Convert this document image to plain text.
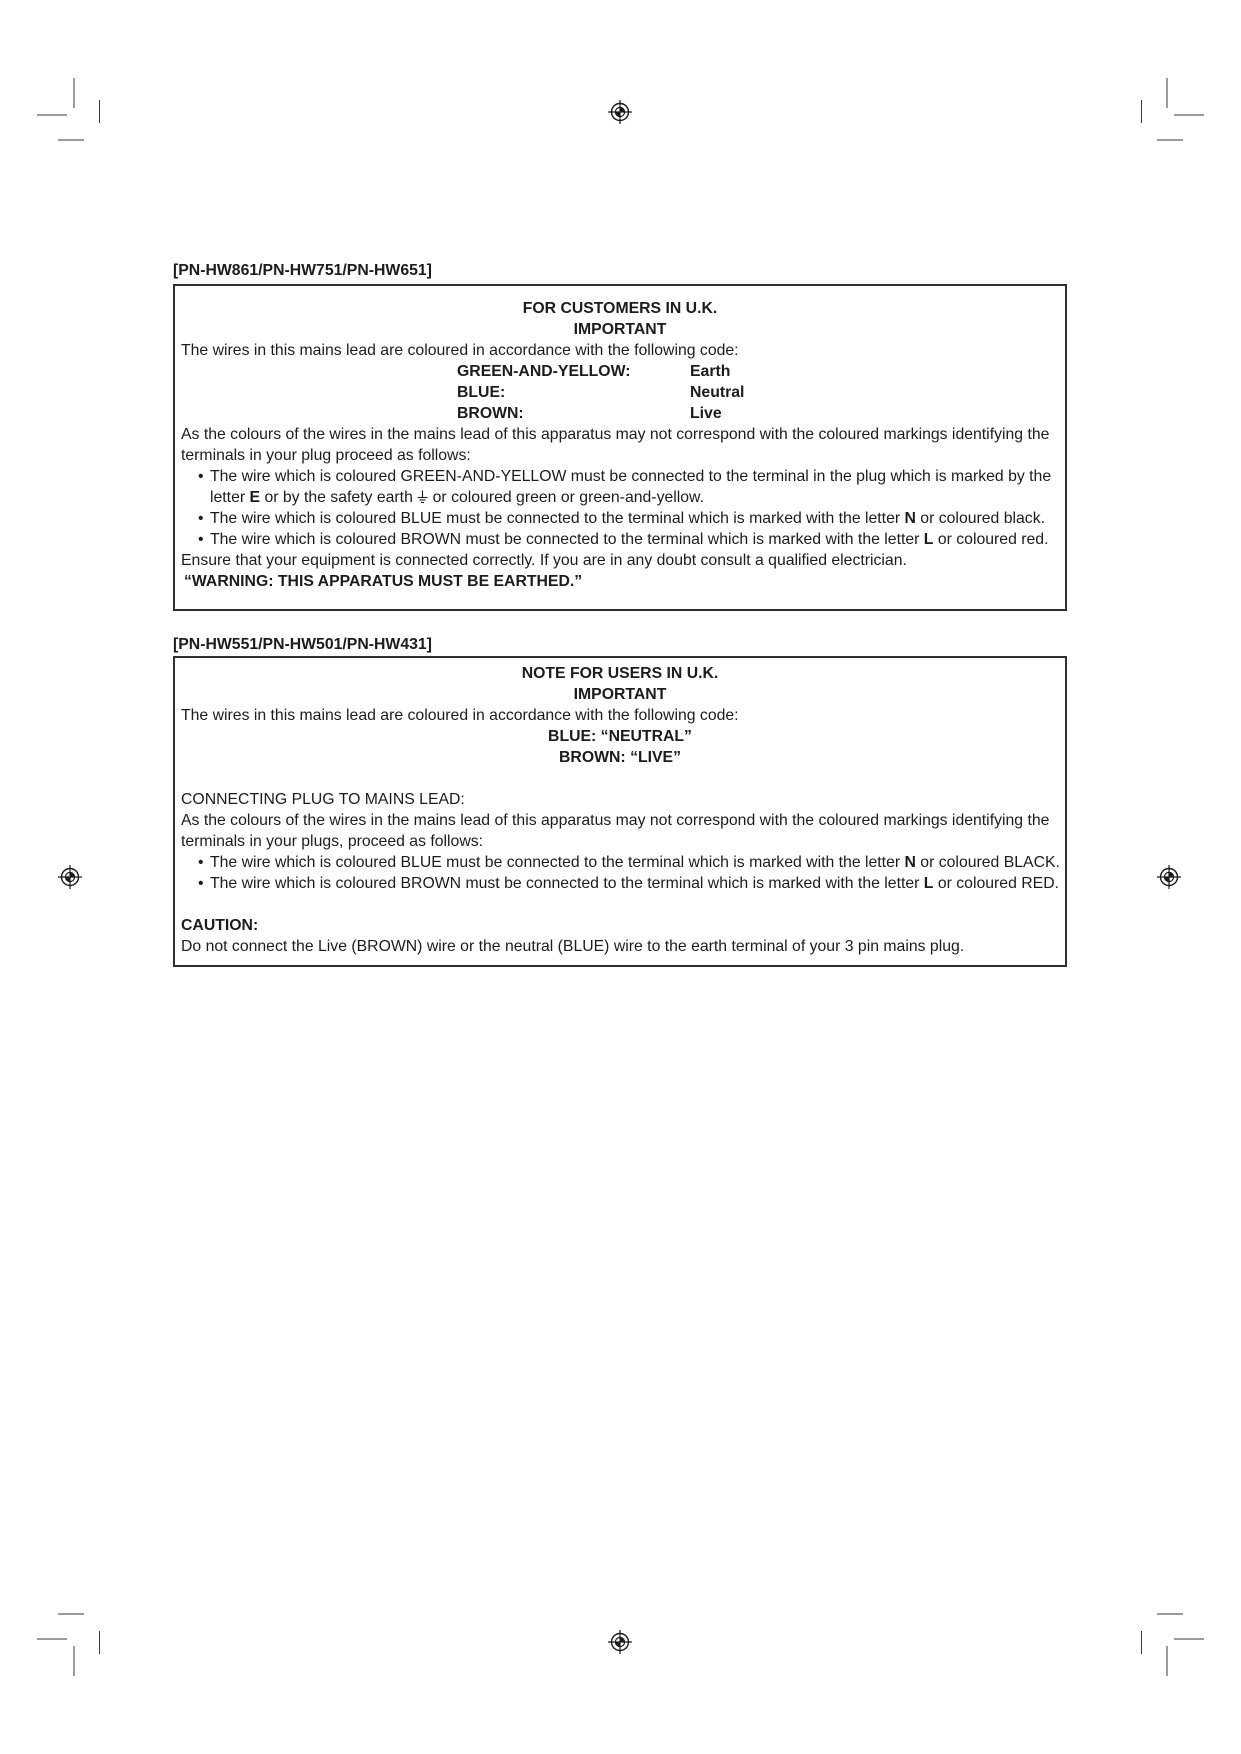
[PN-HW861/PN-HW751/PN-HW651]
FOR CUSTOMERS IN U.K.
IMPORTANT
The wires in this mains lead are coloured in accordance with the following code:
GREEN-AND-YELLOW:	Earth
BLUE:	Neutral
BROWN:	Live
As the colours of the wires in the mains lead of this apparatus may not correspond with the coloured markings identifying the
terminals in your plug proceed as follows:
• The wire which is coloured GREEN-AND-YELLOW must be connected to the terminal in the plug which is marked by the
letter E or by the safety earth  or coloured green or green-and-yellow.
• The wire which is coloured BLUE must be connected to the terminal which is marked with the letter N or coloured black.
• The wire which is coloured BROWN must be connected to the terminal which is marked with the letter L or coloured red.
Ensure that your equipment is connected correctly. If you are in any doubt consult a qualified electrician.
“WARNING: THIS APPARATUS MUST BE EARTHED.”
[PN-HW551/PN-HW501/PN-HW431]
NOTE FOR USERS IN U.K.
IMPORTANT
The wires in this mains lead are coloured in accordance with the following code:
BLUE: “NEUTRAL”
BROWN: “LIVE”
CONNECTING PLUG TO MAINS LEAD:
As the colours of the wires in the mains lead of this apparatus may not correspond with the coloured markings identifying the
terminals in your plugs, proceed as follows:
• The wire which is coloured BLUE must be connected to the terminal which is marked with the letter N or coloured BLACK.
• The wire which is coloured BROWN must be connected to the terminal which is marked with the letter L or coloured RED.
CAUTION:
Do not connect the Live (BROWN) wire or the neutral (BLUE) wire to the earth terminal of your 3 pin mains plug.
